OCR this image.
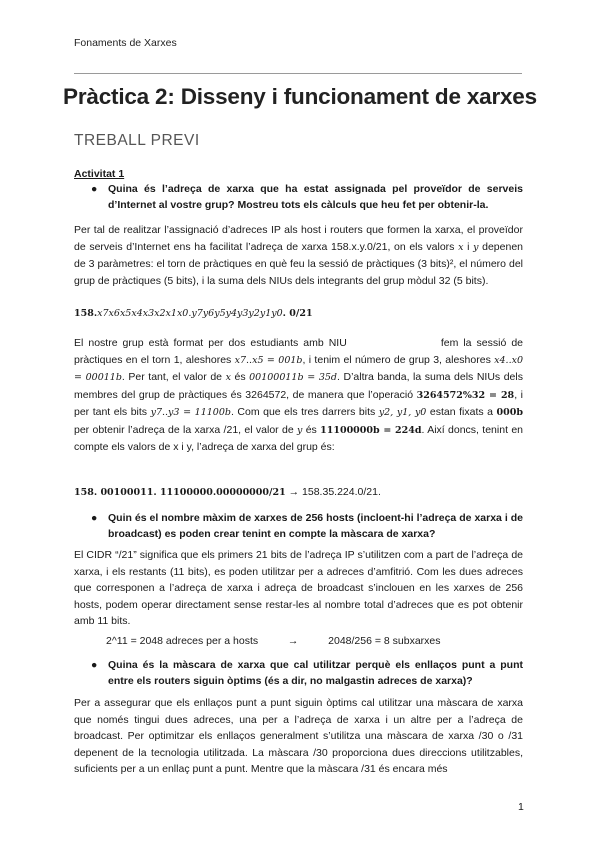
Fonaments de Xarxes
Pràctica 2: Disseny i funcionament de xarxes
TREBALL PREVI
Activitat 1
● Quina és l’adreça de xarxa que ha estat assignada pel proveïdor de serveis d’Internet al vostre grup? Mostreu tots els càlculs que heu fet per obtenir-la.
Per tal de realitzar l’assignació d’adreces IP als host i routers que formen la xarxa, el proveïdor de serveis d’Internet ens ha facilitat l’adreça de xarxa 158.x.y.0/21, on els valors x i y depenen de 3 paràmetres: el torn de pràctiques en què feu la sessió de pràctiques (3 bits)², el número del grup de pràctiques (5 bits), i la suma dels NIUs dels integrants del grup mòdul 32 (5 bits).
158.x7x6x5x4x3x2x1x0.y7y6y5y4y3y2y1y0. 0/21
El nostre grup està format per dos estudiants amb NIU	fem la sessió de pràctiques en el torn 1, aleshores x7..x5 = 001b, i tenim el número de grup 3, aleshores x4..x0 = 00011b. Per tant, el valor de x és 00100011b = 35d. D’altra banda, la suma dels NIUs dels membres del grup de pràctiques és 3264572, de manera que l’operació 3264572%32 = 28, i per tant els bits y7..y3 = 11100b. Com que els tres darrers bits y2, y1, y0 estan fixats a 000b per obtenir l’adreça de la xarxa /21, el valor de y és 11100000b = 224d. Així doncs, tenint en compte els valors de x i y, l’adreça de xarxa del grup és:
158. 00100011. 11100000.00000000/21 → 158.35.224.0/21.
● Quin és el nombre màxim de xarxes de 256 hosts (incloent-hi l’adreça de xarxa i de broadcast) es poden crear tenint en compte la màscara de xarxa?
El CIDR “/21” significa que els primers 21 bits de l’adreça IP s’utilitzen com a part de l’adreça de xarxa, i els restants (11 bits), es poden utilitzar per a adreces d’amfitrió. Com les dues adreces que corresponen a l’adreça de xarxa i adreça de broadcast s’inclouen en les xarxes de 256 hosts, podem operar directament sense restar-les al nombre total d’adreces que es pot obtenir amb 11 bits.
2^11 = 2048 adreces per a hosts	→	2048/256 = 8 subxarxes
● Quina és la màscara de xarxa que cal utilitzar perquè els enllaços punt a punt entre els routers siguin òptims (és a dir, no malgastin adreces de xarxa)?
Per a assegurar que els enllaços punt a punt siguin òptims cal utilitzar una màscara de xarxa que només tingui dues adreces, una per a l’adreça de xarxa i un altre per a l’adreça de broadcast. Per optimitzar els enllaços generalment s’utilitza una màscara de xarxa /30 o /31 depenent de la tecnologia utilitzada. La màscara /30 proporciona dues direccions utilitzables, suficients per a un enllaç punt a punt. Mentre que la màscara /31 és encara més
1
